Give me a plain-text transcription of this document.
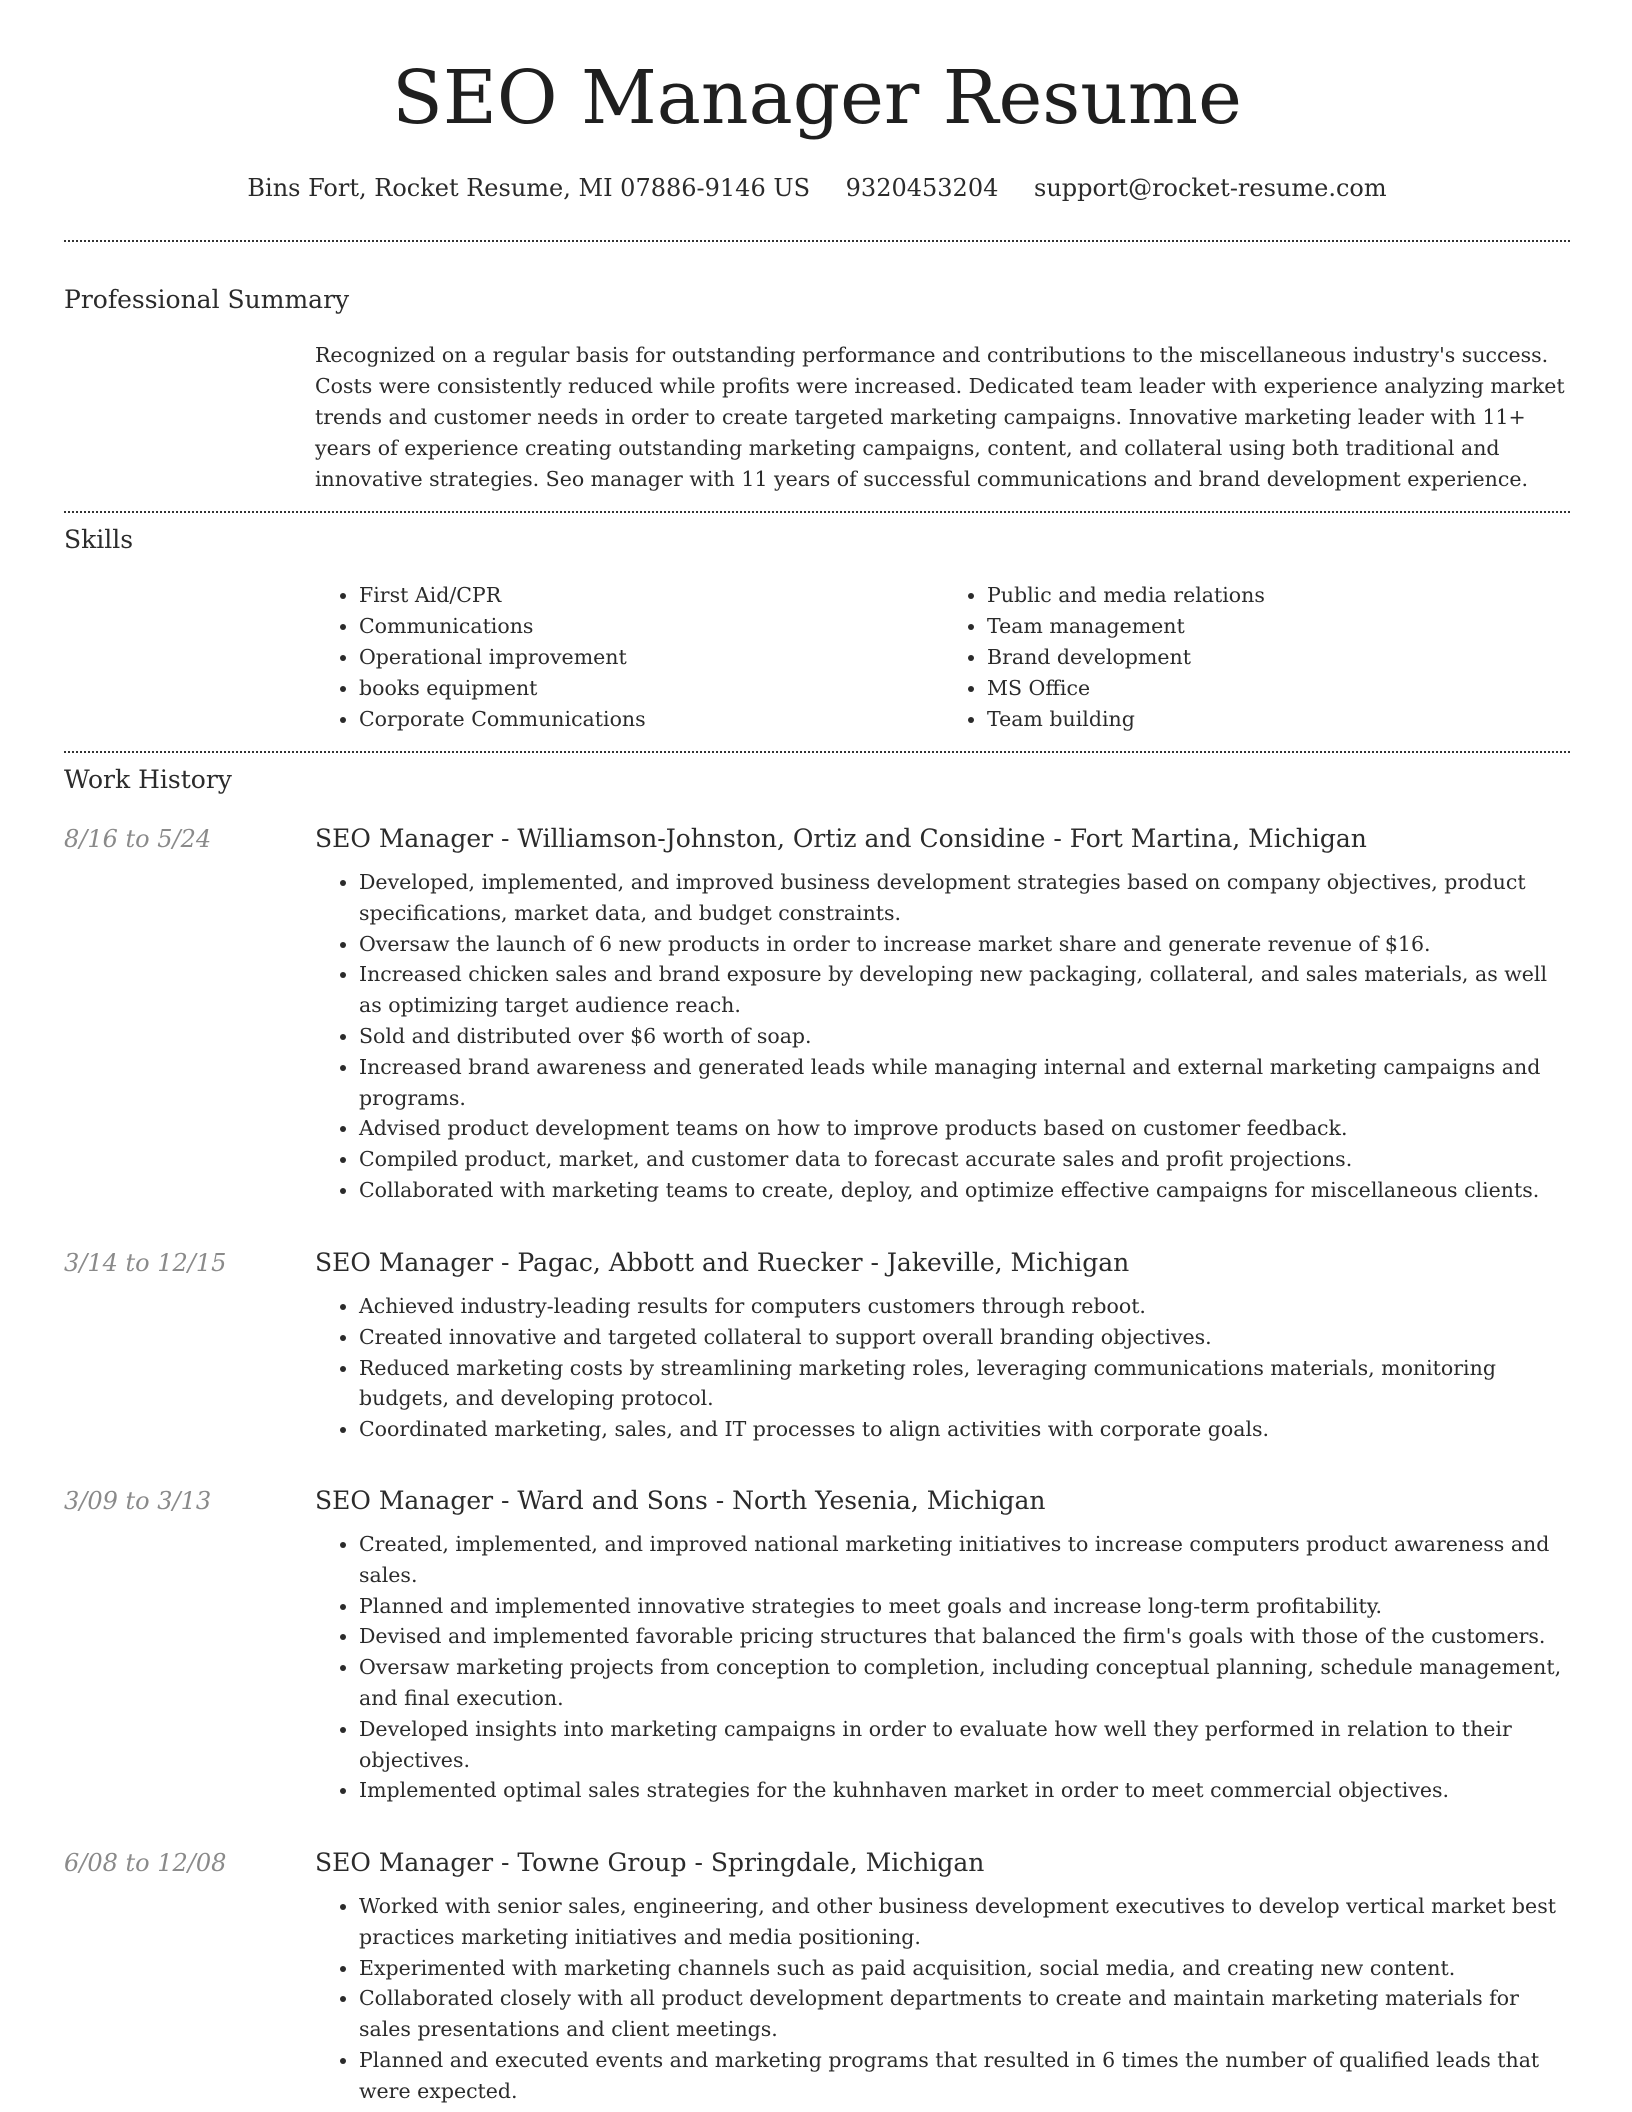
SEO Manager Resume
Bins Fort, Rocket Resume, MI 07886-9146 US 9320453204 support@rocket-resume.com
Professional Summary

Recognized on a regular basis for outstanding performance and contributions to the miscellaneous industry's success. Costs were consistently reduced while profits were increased. Dedicated team leader with experience analyzing market trends and customer needs in order to create targeted marketing campaigns. Innovative marketing leader with 11+ years of experience creating outstanding marketing campaigns, content, and collateral using both traditional and innovative strategies. Seo manager with 11 years of successful communications and brand development experience.

Skills
• First Aid/CPR
• Communications
• Operational improvement
• books equipment
• Corporate Communications
• Public and media relations
• Team management
• Brand development
• MS Office
• Team building
Work History
8/16 to 5/24	SEO Manager - Williamson-Johnston, Ortiz and Considine - Fort Martina, Michigan
• Developed, implemented, and improved business development strategies based on company objectives, product specifications, market data, and budget constraints.
• Oversaw the launch of 6 new products in order to increase market share and generate revenue of $16.
• Increased chicken sales and brand exposure by developing new packaging, collateral, and sales materials, as well as optimizing target audience reach.
• Sold and distributed over $6 worth of soap.
• Increased brand awareness and generated leads while managing internal and external marketing campaigns and programs.
• Advised product development teams on how to improve products based on customer feedback.
• Compiled product, market, and customer data to forecast accurate sales and profit projections.
• Collaborated with marketing teams to create, deploy, and optimize effective campaigns for miscellaneous clients.
3/14 to 12/15	SEO Manager - Pagac, Abbott and Ruecker - Jakeville, Michigan
• Achieved industry-leading results for computers customers through reboot.
• Created innovative and targeted collateral to support overall branding objectives.
• Reduced marketing costs by streamlining marketing roles, leveraging communications materials, monitoring budgets, and developing protocol.
• Coordinated marketing, sales, and IT processes to align activities with corporate goals.
3/09 to 3/13	SEO Manager - Ward and Sons - North Yesenia, Michigan
• Created, implemented, and improved national marketing initiatives to increase computers product awareness and sales.
• Planned and implemented innovative strategies to meet goals and increase long-term profitability.
• Devised and implemented favorable pricing structures that balanced the firm's goals with those of the customers.
• Oversaw marketing projects from conception to completion, including conceptual planning, schedule management, and final execution.
• Developed insights into marketing campaigns in order to evaluate how well they performed in relation to their objectives.
• Implemented optimal sales strategies for the kuhnhaven market in order to meet commercial objectives.
6/08 to 12/08	SEO Manager - Towne Group - Springdale, Michigan
• Worked with senior sales, engineering, and other business development executives to develop vertical market best practices marketing initiatives and media positioning.
• Experimented with marketing channels such as paid acquisition, social media, and creating new content.
• Collaborated closely with all product development departments to create and maintain marketing materials for sales presentations and client meetings.
• Planned and executed events and marketing programs that resulted in 6 times the number of qualified leads that were expected.
